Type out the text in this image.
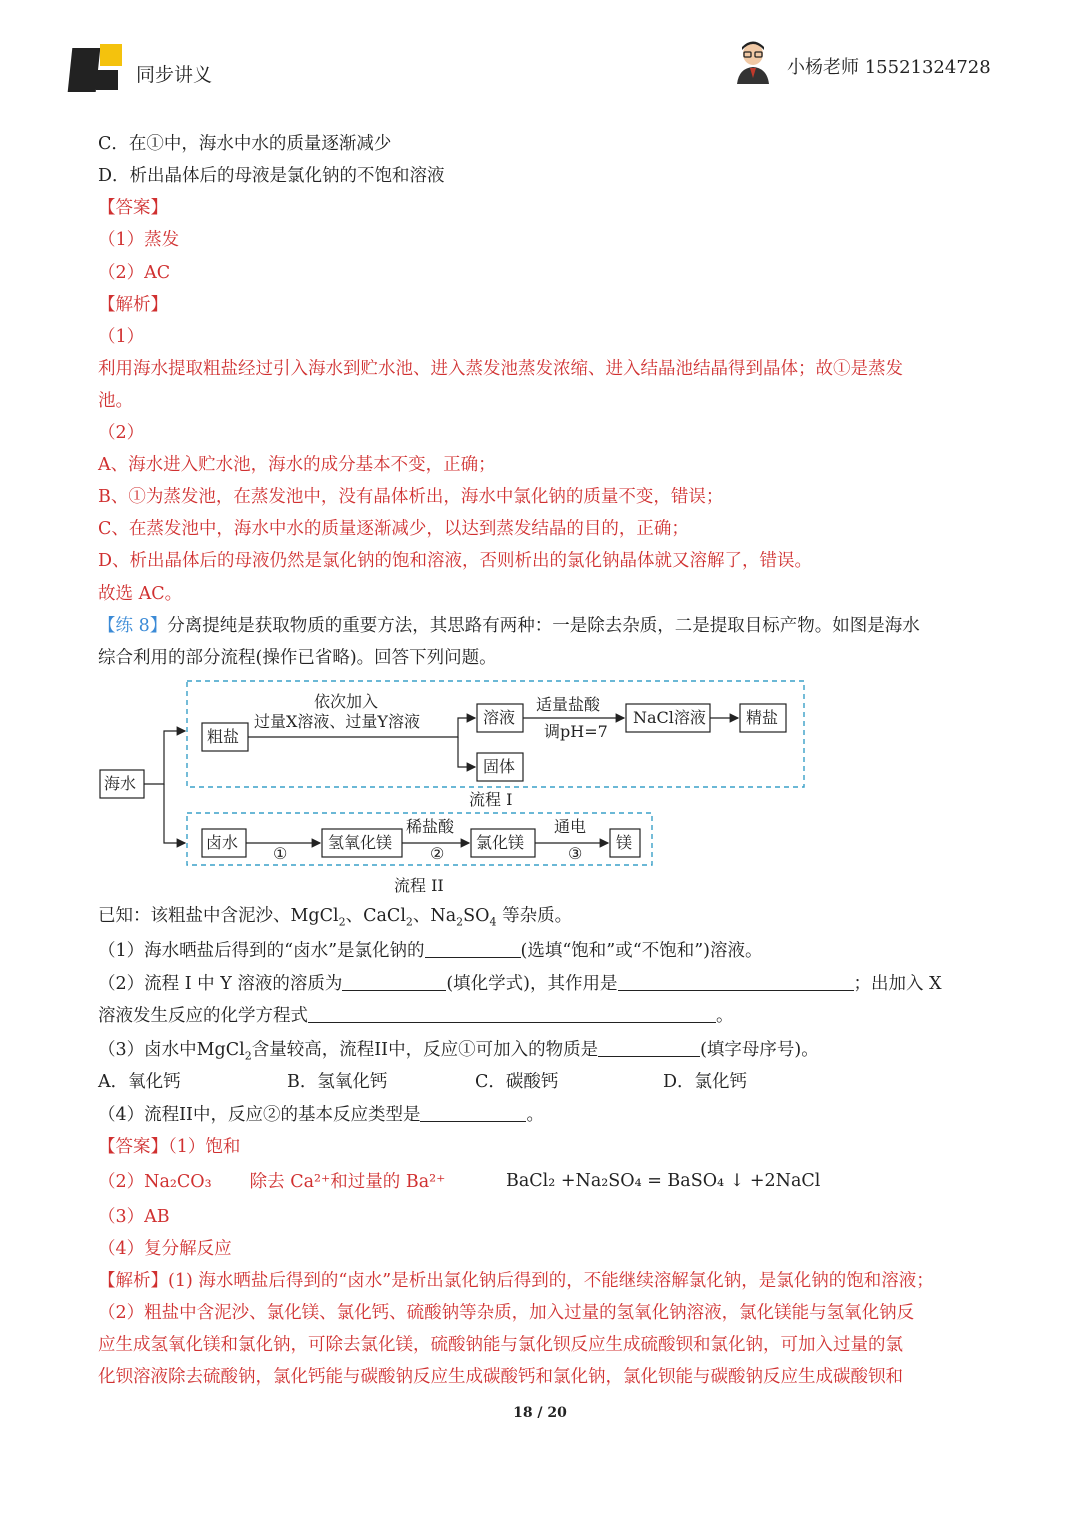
同步讲义	小杨老师 15521324728
C．在①中，海水中水的质量逐渐减少
D．析出晶体后的母液是氯化钠的不饱和溶液
【答案】
（1）蒸发
（2）AC
【解析】
（1）
利用海水提取粗盐经过引入海水到贮水池、进入蒸发池蒸发浓缩、进入结晶池结晶得到晶体；故①是蒸发
池。
（2）
A、海水进入贮水池，海水的成分基本不变，正确；
B、①为蒸发池，在蒸发池中，没有晶体析出，海水中氯化钠的质量不变，错误；
C、在蒸发池中，海水中水的质量逐渐减少，以达到蒸发结晶的目的，正确；
D、析出晶体后的母液仍然是氯化钠的饱和溶液，否则析出的氯化钠晶体就又溶解了，错误。
故选 AC。
【练 8】分离提纯是获取物质的重要方法，其思路有两种：一是除去杂质，二是提取目标产物。如图是海水
综合利用的部分流程(操作已省略)。回答下列问题。
海水
粗盐
依次加入
过量X溶液、过量Y溶液	溶液
固体
适量盐酸
调pH=7
NaCl溶液	精盐
流程 I
卤水
①
氢氧化镁
稀盐酸
②
氯化镁
通电
③
镁
流程 II
已知：该粗盐中含泥沙、MgCl$_2$、CaCl$_2$、$Na_2SO_4$ 等杂质。
（1）海水晒盐后得到的“卤水”是氯化钠的	(选填“饱和”或“不饱和”)溶液。
（2）流程 I 中 Y 溶液的溶质为	(填化学式)，其作用是	；出加入 X
溶液发生反应的化学方程式	。
（3）卤水中MgCl$_2$含量较高，流程II中，反应①可加入的物质是	(填字母序号)。
A．氧化钙	B．氢氧化钙	C．碳酸钙	D．氯化钙
（4）流程II中，反应②的基本反应类型是	。
【答案】（1）饱和
（2）Na₂CO₃ 除去 Ca²⁺和过量的 Ba²⁺	BaCl₂ +Na₂SO₄ = BaSO₄ ↓ +2NaCl
（3）AB
（4）复分解反应
【解析】(1) 海水晒盐后得到的“卤水”是析出氯化钠后得到的，不能继续溶解氯化钠，是氯化钠的饱和溶液；
（2）粗盐中含泥沙、氯化镁、氯化钙、硫酸钠等杂质，加入过量的氢氧化钠溶液，氯化镁能与氢氧化钠反
应生成氢氧化镁和氯化钠，可除去氯化镁，硫酸钠能与氯化钡反应生成硫酸钡和氯化钠，可加入过量的氯
化钡溶液除去硫酸钠，氯化钙能与碳酸钠反应生成碳酸钙和氯化钠，氯化钡能与碳酸钠反应生成碳酸钡和
18 / 20
